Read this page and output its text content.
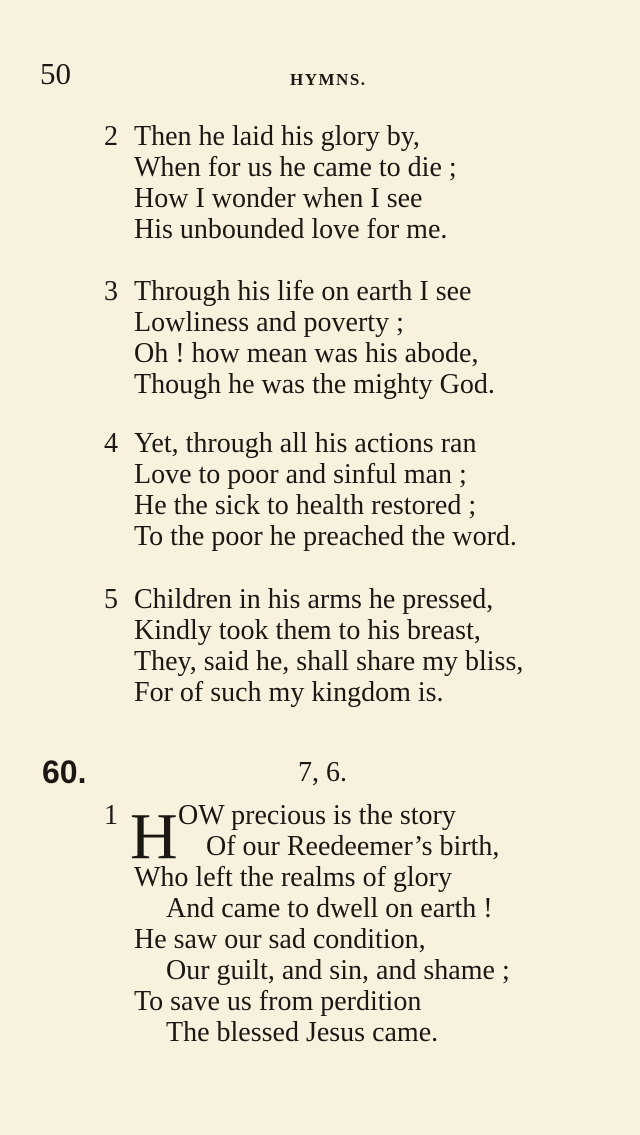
50	HYMNS.
2 Then he laid his glory by,
When for us he came to die ;
How I wonder when I see
His unbounded love for me.
3 Through his life on earth I see
Lowliness and poverty ;
Oh ! how mean was his abode,
Though he was the mighty God.
4 Yet, through all his actions ran
Love to poor and sinful man ;
He the sick to health restored ;
To the poor he preached the word.
5 Children in his arms he pressed,
Kindly took them to his breast,
They, said he, shall share my bliss,
For of such my kingdom is.
60.	7, 6.
1 H OW precious is the story
Of our Reedeemer’s birth,
Who left the realms of glory
And came to dwell on earth !
He saw our sad condition,
Our guilt, and sin, and shame ;
To save us from perdition
The blessed Jesus came.
